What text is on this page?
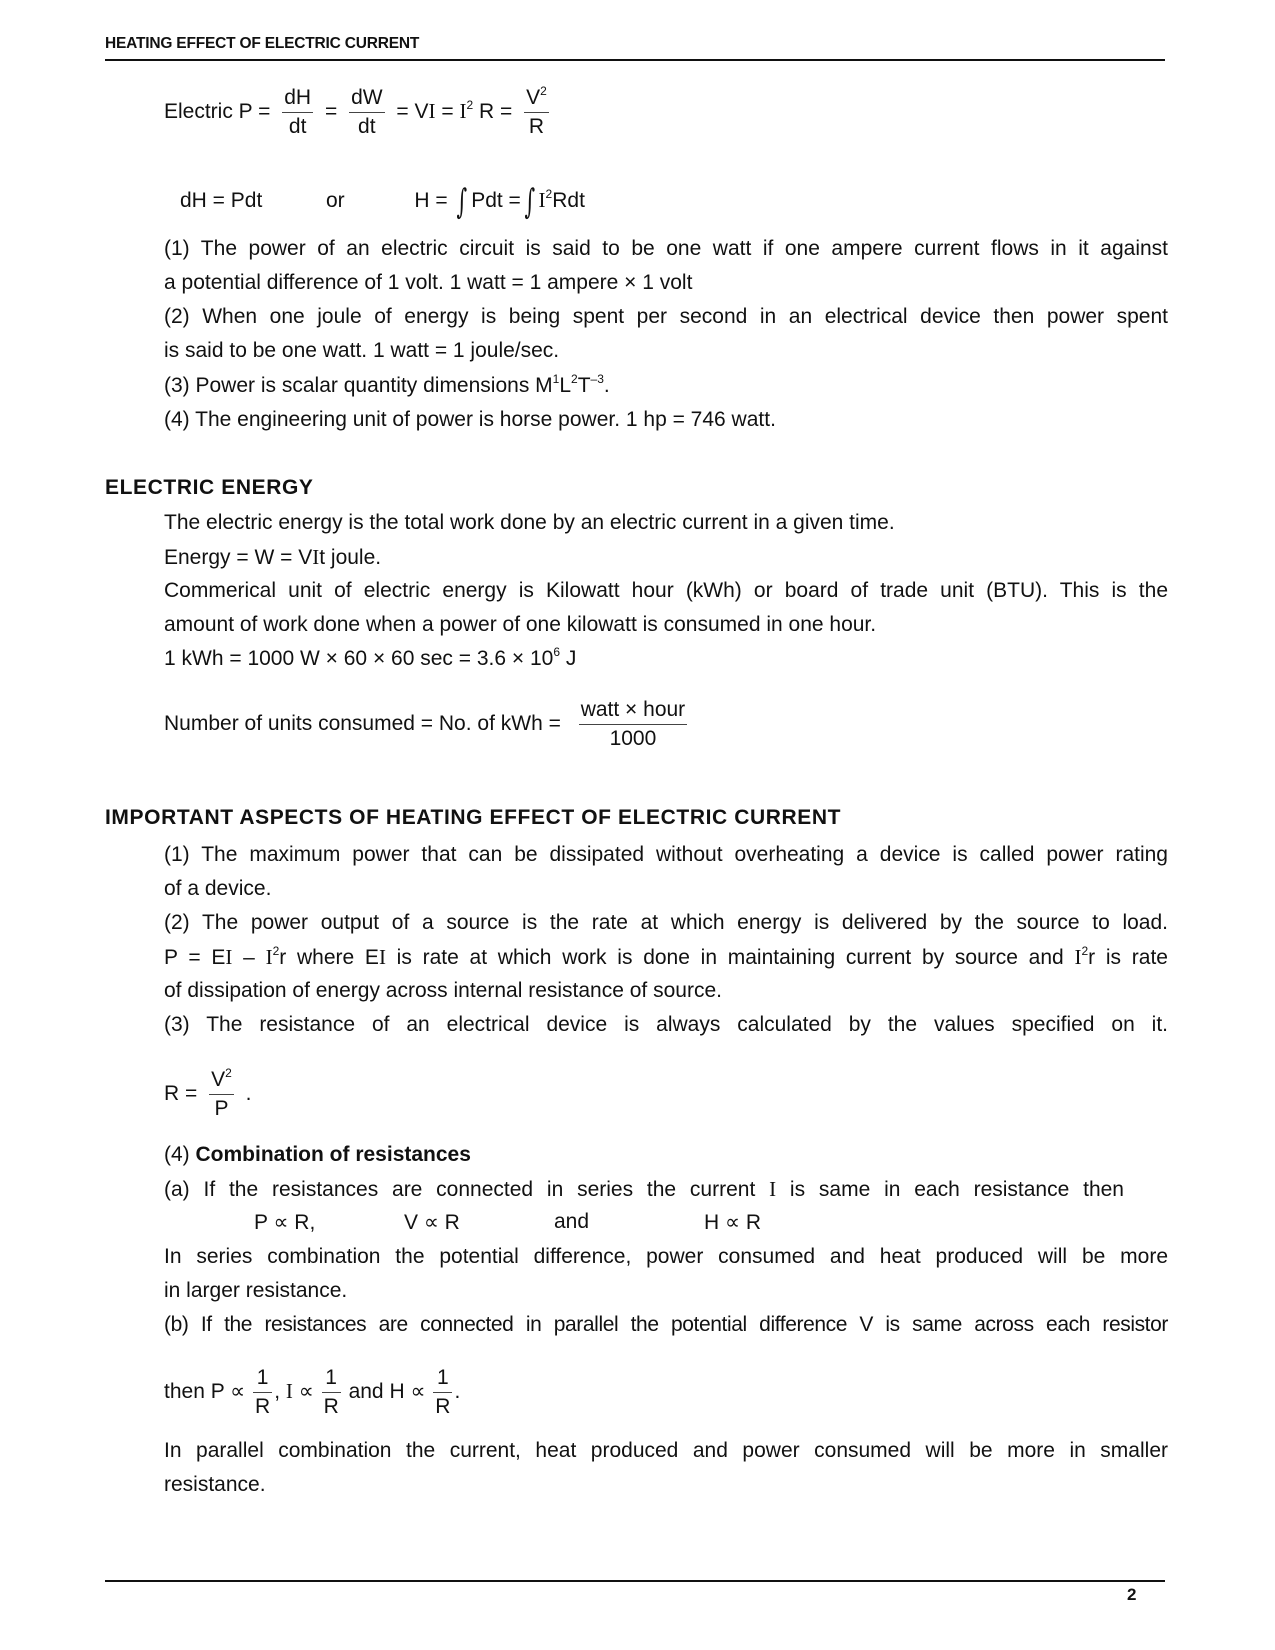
HEATING EFFECT OF ELECTRIC CURRENT
Electric $P = \frac{dH}{dt} = \frac{dW}{dt}$ = VI = $I^2$ $R = \frac{V^2}{R}$
dH = Pdt	or	H = ∫ Pdt = ∫ $I^2Rdt$
(1) The power of an electric circuit is said to be one watt if one ampere current flows in it against
a potential difference of 1 volt. 1 watt = 1 ampere × 1 volt
(2) When one joule of energy is being spent per second in an electrical device then power spent
is said to be one watt. 1 watt = 1 joule/sec.
(3) Power is scalar quantity dimensions $M^1L^2T^{-3}$.
(4) The engineering unit of power is horse power. 1 hp = 746 watt.
ELECTRIC ENERGY
The electric energy is the total work done by an electric current in a given time.
Energy = W = VIt joule.
Commerical unit of electric energy is Kilowatt hour (kWh) or board of trade unit (BTU). This is the
amount of work done when a power of one kilowatt is consumed in one hour.
1 kWh = 1000 W × 60 × 60 $\sec = 3.6 \times 10^6$ J
Number of units consumed = No. of kWh = $\frac{\text{watt × hour}}{1000}$
IMPORTANT ASPECTS OF HEATING EFFECT OF ELECTRIC CURRENT
(1) The maximum power that can be dissipated without overheating a device is called power rating
of a device.
(2) The power output of a source is the rate at which energy is delivered by the source to load.
P = EI – $I^2r$ where EI is rate at which work is done in maintaining current by source and $I^2r$ is rate
of dissipation of energy across internal resistance of source.
(3) The resistance of an electrical device is always calculated by the values specified on it.
$R = \frac{V^2}{P}$ .
(4) Combination of resistances
(a) If the resistances are connected in series the current I is same in each resistance then
P ∝ R,	V ∝ R	and	H ∝ R
In series combination the potential difference, power consumed and heat produced will be more
in larger resistance.
(b) If the resistances are connected in parallel the potential difference V is same across each resistor
then $P \propto \frac{1}{R}$ , $I \propto \frac{1}{R}$ and $H \propto \frac{1}{R}$ .
In parallel combination the current, heat produced and power consumed will be more in smaller
resistance.
2
